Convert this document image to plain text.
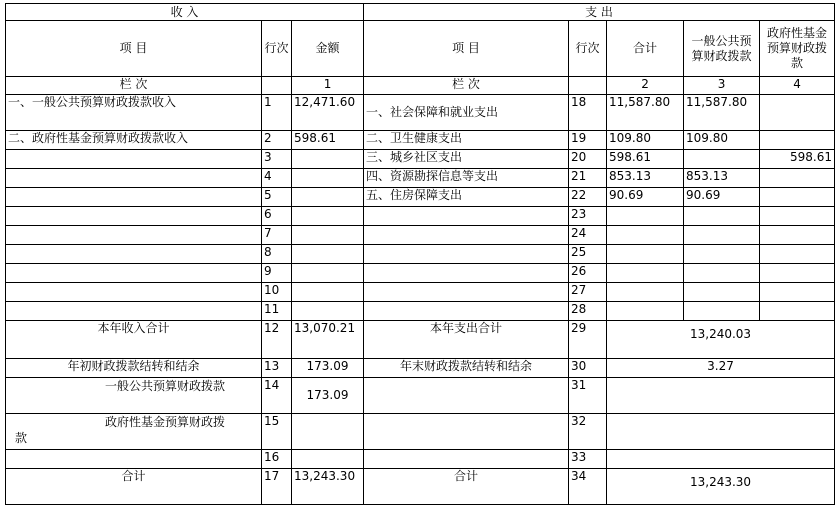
收 入			支 出				
项 目	行次	金额	项 目	行次	合计	一般公共预算财政拨款	政府性基金预算财政拨款
栏 次		1	栏 次		2	3	4
一、一般公共预算财政拨款收入	1	12,471.60	一、社会保障和就业支出	18	11,587.80	11,587.80	
二、政府性基金预算财政拨款收入	2	598.61	二、卫生健康支出	19	109.80	109.80	
	3		三、城乡社区支出	20	598.61		598.61
	4		四、资源勘探信息等支出	21	853.13	853.13	
	5		五、住房保障支出	22	90.69	90.69	
	6			23			
	7			24			
	8			25			
	9			26			
	10			27			
	11			28			
本年收入合计	12	13,070.21	本年支出合计	29	13,240.03		
年初财政拨款结转和结余	13	173.09	年末财政拨款结转和结余	30	3.27		

一般公共预算财政拨款	14	173.09		31			

政府性基金预算财政拨款	15			32			
	16			33			
合计	17	13,243.30	合计	34	13,243.30		
